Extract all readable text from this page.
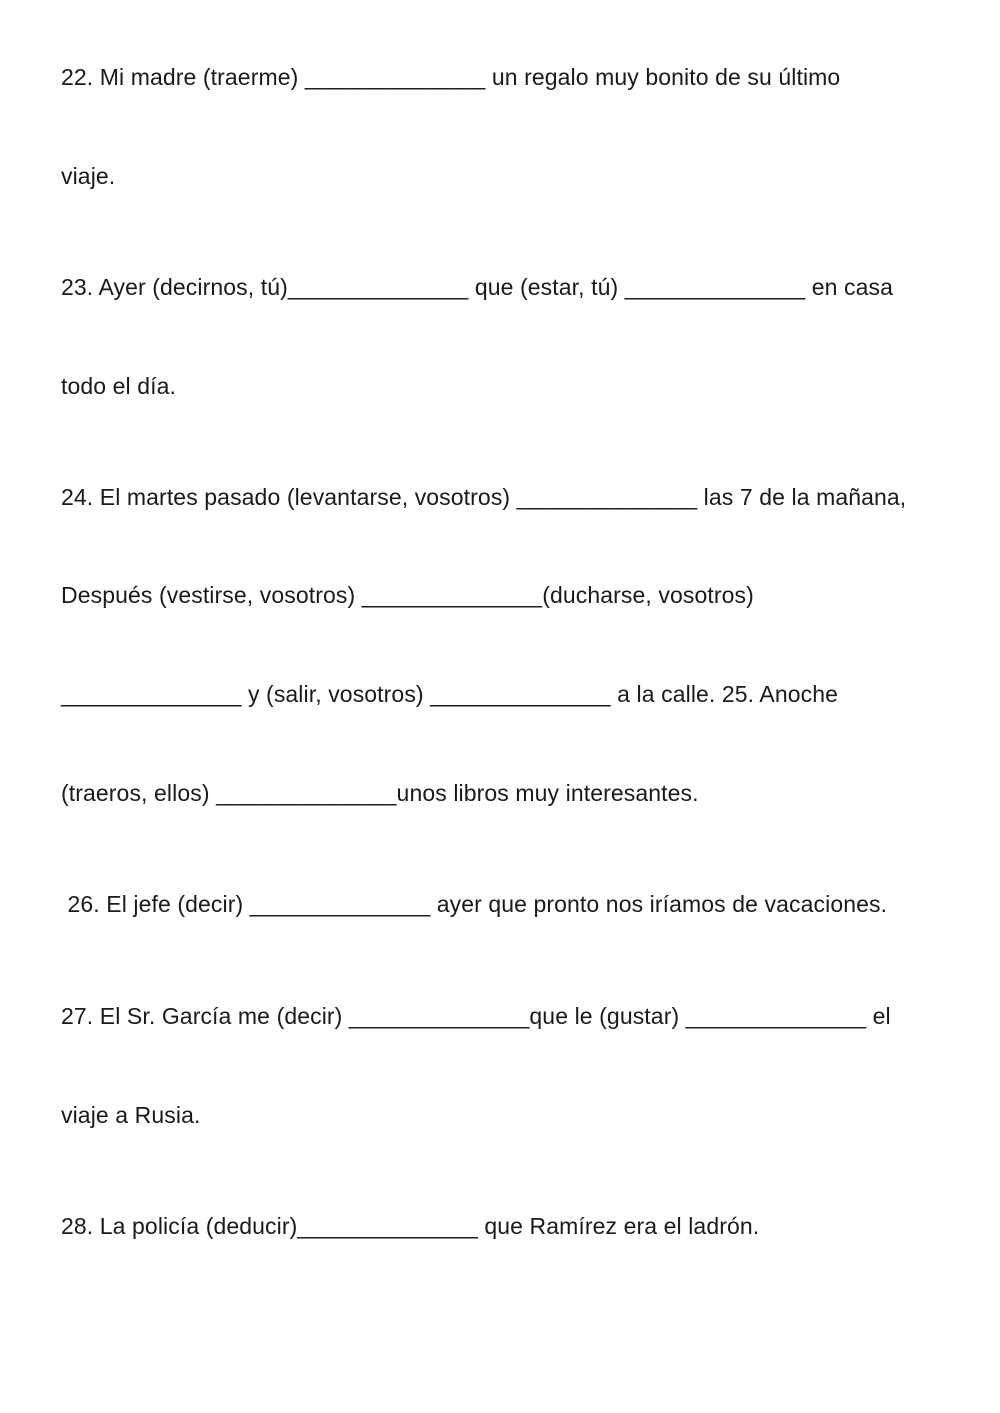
22. Mi madre (traerme) ______________ un regalo muy bonito de su último
viaje.
23. Ayer (decirnos, tú)______________ que (estar, tú) ______________ en casa
todo el día.
24. El martes pasado (levantarse, vosotros) ______________ las 7 de la mañana,
Después (vestirse, vosotros) ______________(ducharse, vosotros)
______________ y (salir, vosotros) ______________ a la calle. 25. Anoche
(traeros, ellos) ______________unos libros muy interesantes.
26. El jefe (decir) ______________ ayer que pronto nos iríamos de vacaciones.
27. El Sr. García me (decir) ______________que le (gustar) ______________ el
viaje a Rusia.
28. La policía (deducir)______________ que Ramírez era el ladrón.
